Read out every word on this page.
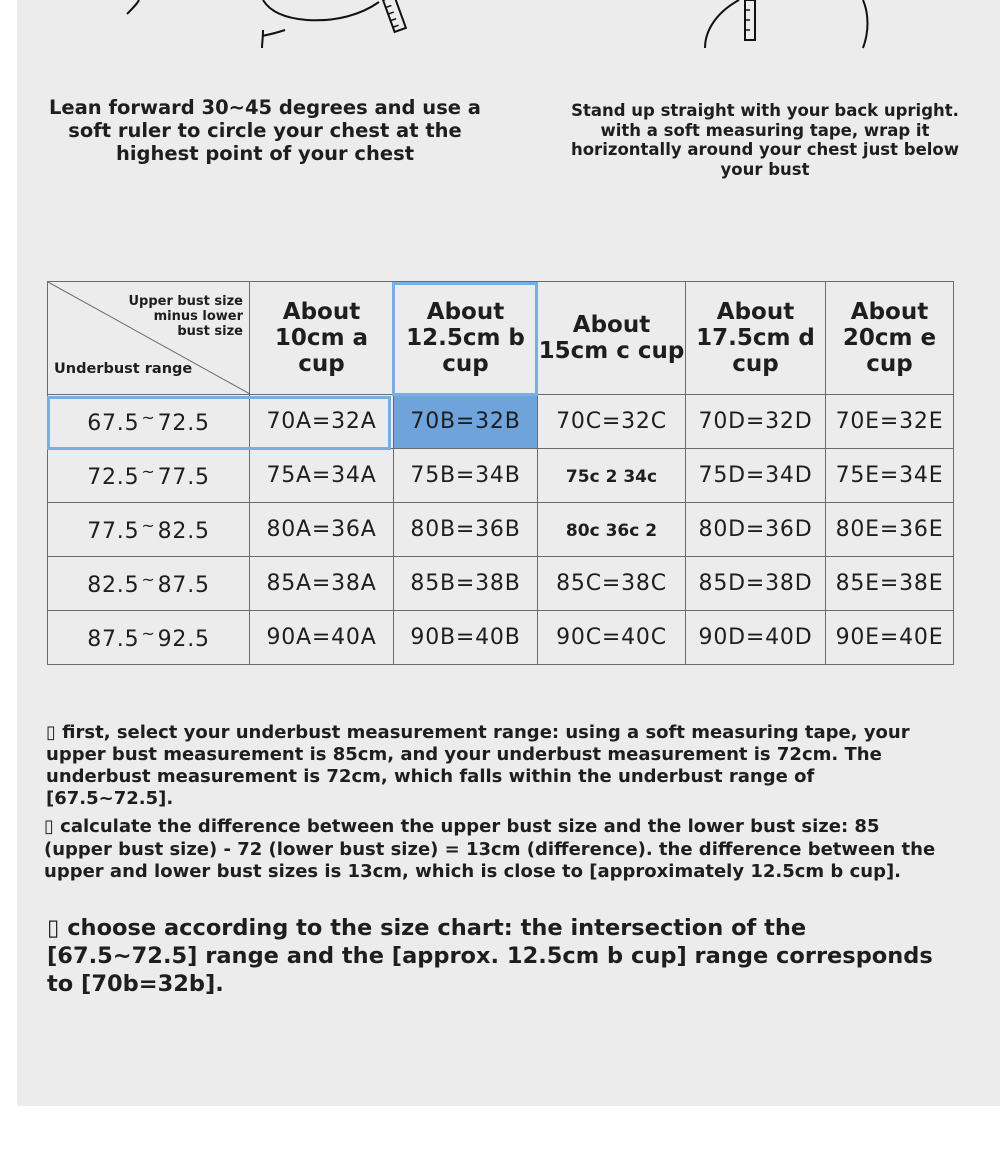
Lean forward 30~45 degrees and use a soft ruler to circle your chest at the highest point of your chest
Stand up straight with your back upright. with a soft measuring tape, wrap it horizontally around your chest just below your bust
Upper bust size minus lower bust size
Underbust range	About 10cm a cup	About 12.5cm b cup	About 15cm c cup	About 17.5cm d cup	About 20cm e cup
67.5 ~72.5	70A=32A	70B=32B	70C=32C	70D=32D	70E=32E
72.5 ~77.5	75A=34A	75B=34B	75c 2 34c	75D=34D	75E=34E
77.5 ~82.5	80A=36A	80B=36B	80c 36c 2	80D=36D	80E=36E
82.5 ~87.5	85A=38A	85B=38B	85C=38C	85D=38D	85E=38E
87.5 ~92.5	90A=40A	90B=40B	90C=40C	90D=40D	90E=40E
▯ first, select your underbust measurement range: using a soft measuring tape, your upper bust measurement is 85cm, and your underbust measurement is 72cm. The underbust measurement is 72cm, which falls within the underbust range of [67.5~72.5].
▯ calculate the difference between the upper bust size and the lower bust size: 85 (upper bust size) - 72 (lower bust size) = 13cm (difference). the difference between the upper and lower bust sizes is 13cm, which is close to [approximately 12.5cm b cup].
▯ choose according to the size chart: the intersection of the [67.5~72.5] range and the [approx. 12.5cm b cup] range corresponds to [70b=32b].
